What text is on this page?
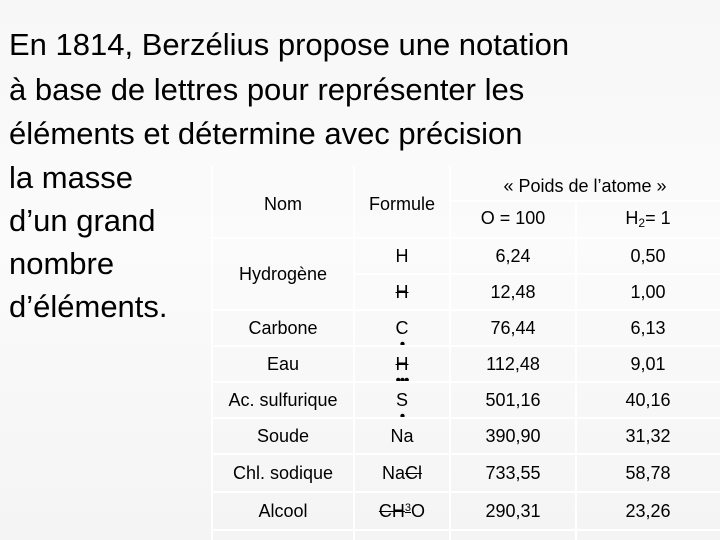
En 1814, Berzélius propose une notation
à base de lettres pour représenter les
éléments et détermine avec précision
la masse
d’un grand
nombre
d’éléments.
Nom	Formule
« Poids de l’atome »
O = 100	H 2 = 1
Hydrogène
H	6,24	0,50
H	12,48	1,00
Carbone	C	76,44	6,13
Eau	• H	112,48	9,01
Ac. sulfurique	••• S	501,16	40,16
Soude	• Na	390,90	31,32
Chl. sodique	Na Cl	733,55	58,78
Alcool	$CH^3$ O	290,31	23,26
